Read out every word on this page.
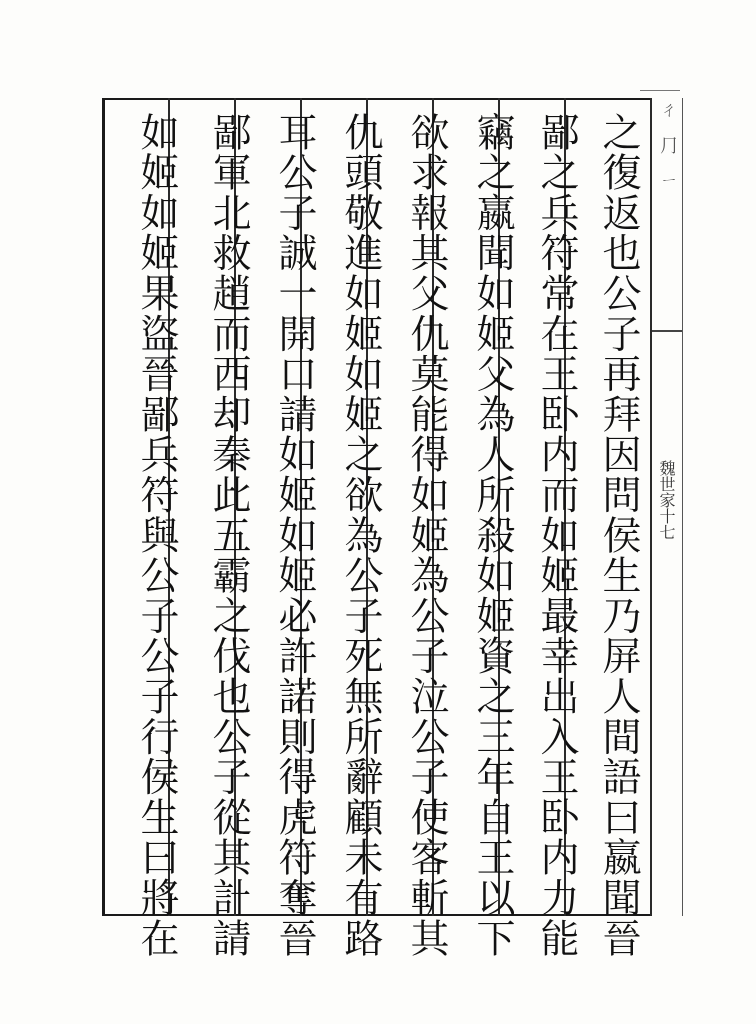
之復返也公子再拜因問侯生乃屏人間語曰嬴聞晉
鄙之兵符常在王卧内而如姬最幸出入王卧内力能
竊之嬴聞如姬父為人所殺如姬資之三年自王以下
欲求報其父仇莫能得如姬為公子泣公子使客斬其
仇頭敬進如姬如姬之欲為公子死無所辭顧未有路
耳公子誠一開口請如姬如姬必許諾則得虎符奪晉
鄙軍北救趙而西却秦此五霸之伐也公子從其計請
如姬如姬果盜晉鄙兵符與公子公子行侯生曰將在	ㄔ⺆ㄧ
魏世家十七
